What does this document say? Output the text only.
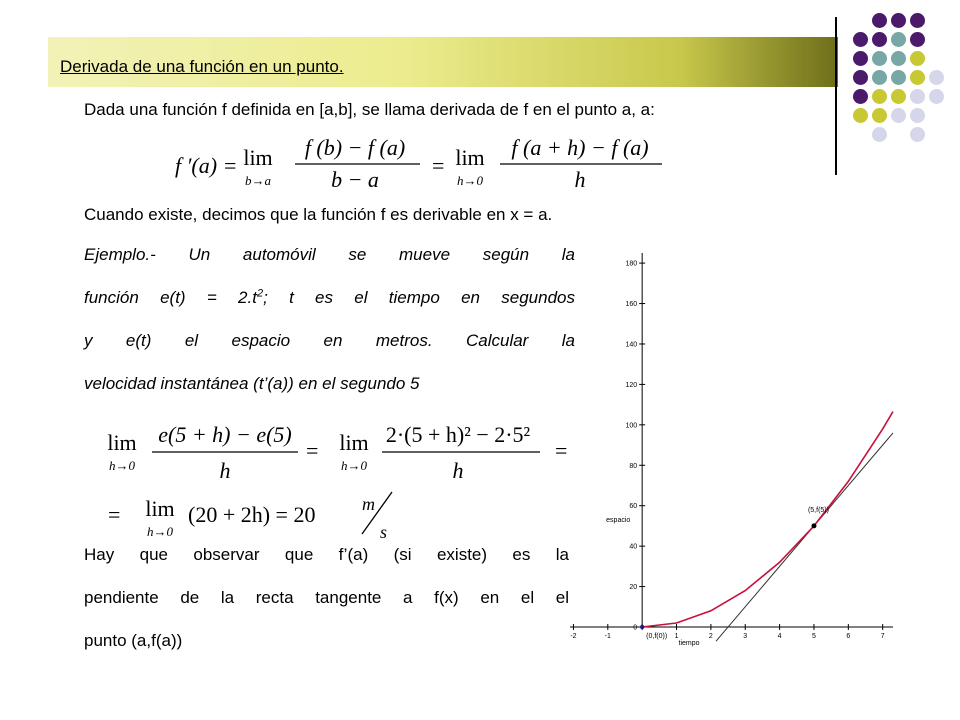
Derivada de una función en un punto.
Dada una función f definida en [a,b], se llama derivada de f en el punto a, a:
f ′(a) = lim
b→a
f (b) − f (a)
b − a
= lim
h→0
f (a + h) − f (a)
h
Cuando existe, decimos que la función f es derivable en x = a.
Ejemplo.- Un automóvil se mueve según la
función $e(t) = 2.t^2$; t es el tiempo en segundos
y e(t) el espacio en metros. Calcular la
velocidad instantánea (t’(a)) en el segundo 5
lim
h→0
e(5 + h) − e(5)
h
= lim
h→0
2·(5 + h)² − 2·5²
h
=
= lim
h→0
(20 + 2h) = 20	m
s
Hay que observar que f’(a) (si existe) es la
pendiente de la recta tangente a f(x) en el el
punto (a,f(a))	-2	-1	1	2	3	4	5	6	7
0
20
40
60
80
100
120
140
160
180
tiempo
espacio
(5,f(5))
(0,f(0))
